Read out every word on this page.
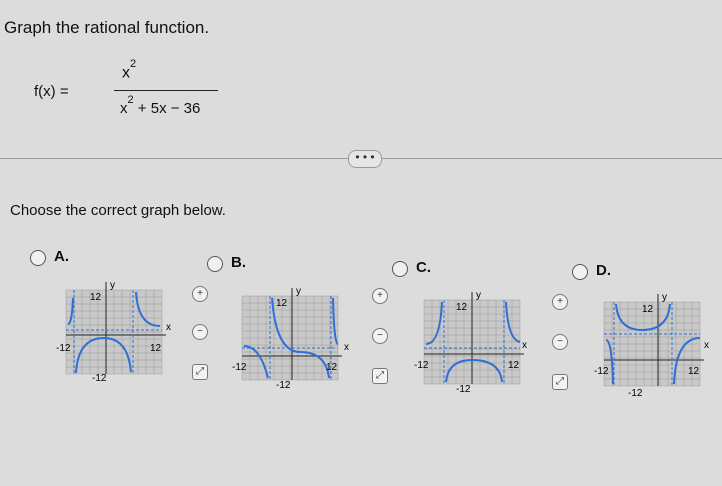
Graph the rational function.
f(x) =
$x^2$
$x^2 + 5x - 36$
• • •
Choose the correct graph below.
A.	B.	C.	D.
12
-12	12
-12
x
y
12
-12	12
-12
x
y
12
-12	12
-12
x
y
12
-12	12
-12
x
y
+
−
⤢
+
−
⤢
+
−
⤢
